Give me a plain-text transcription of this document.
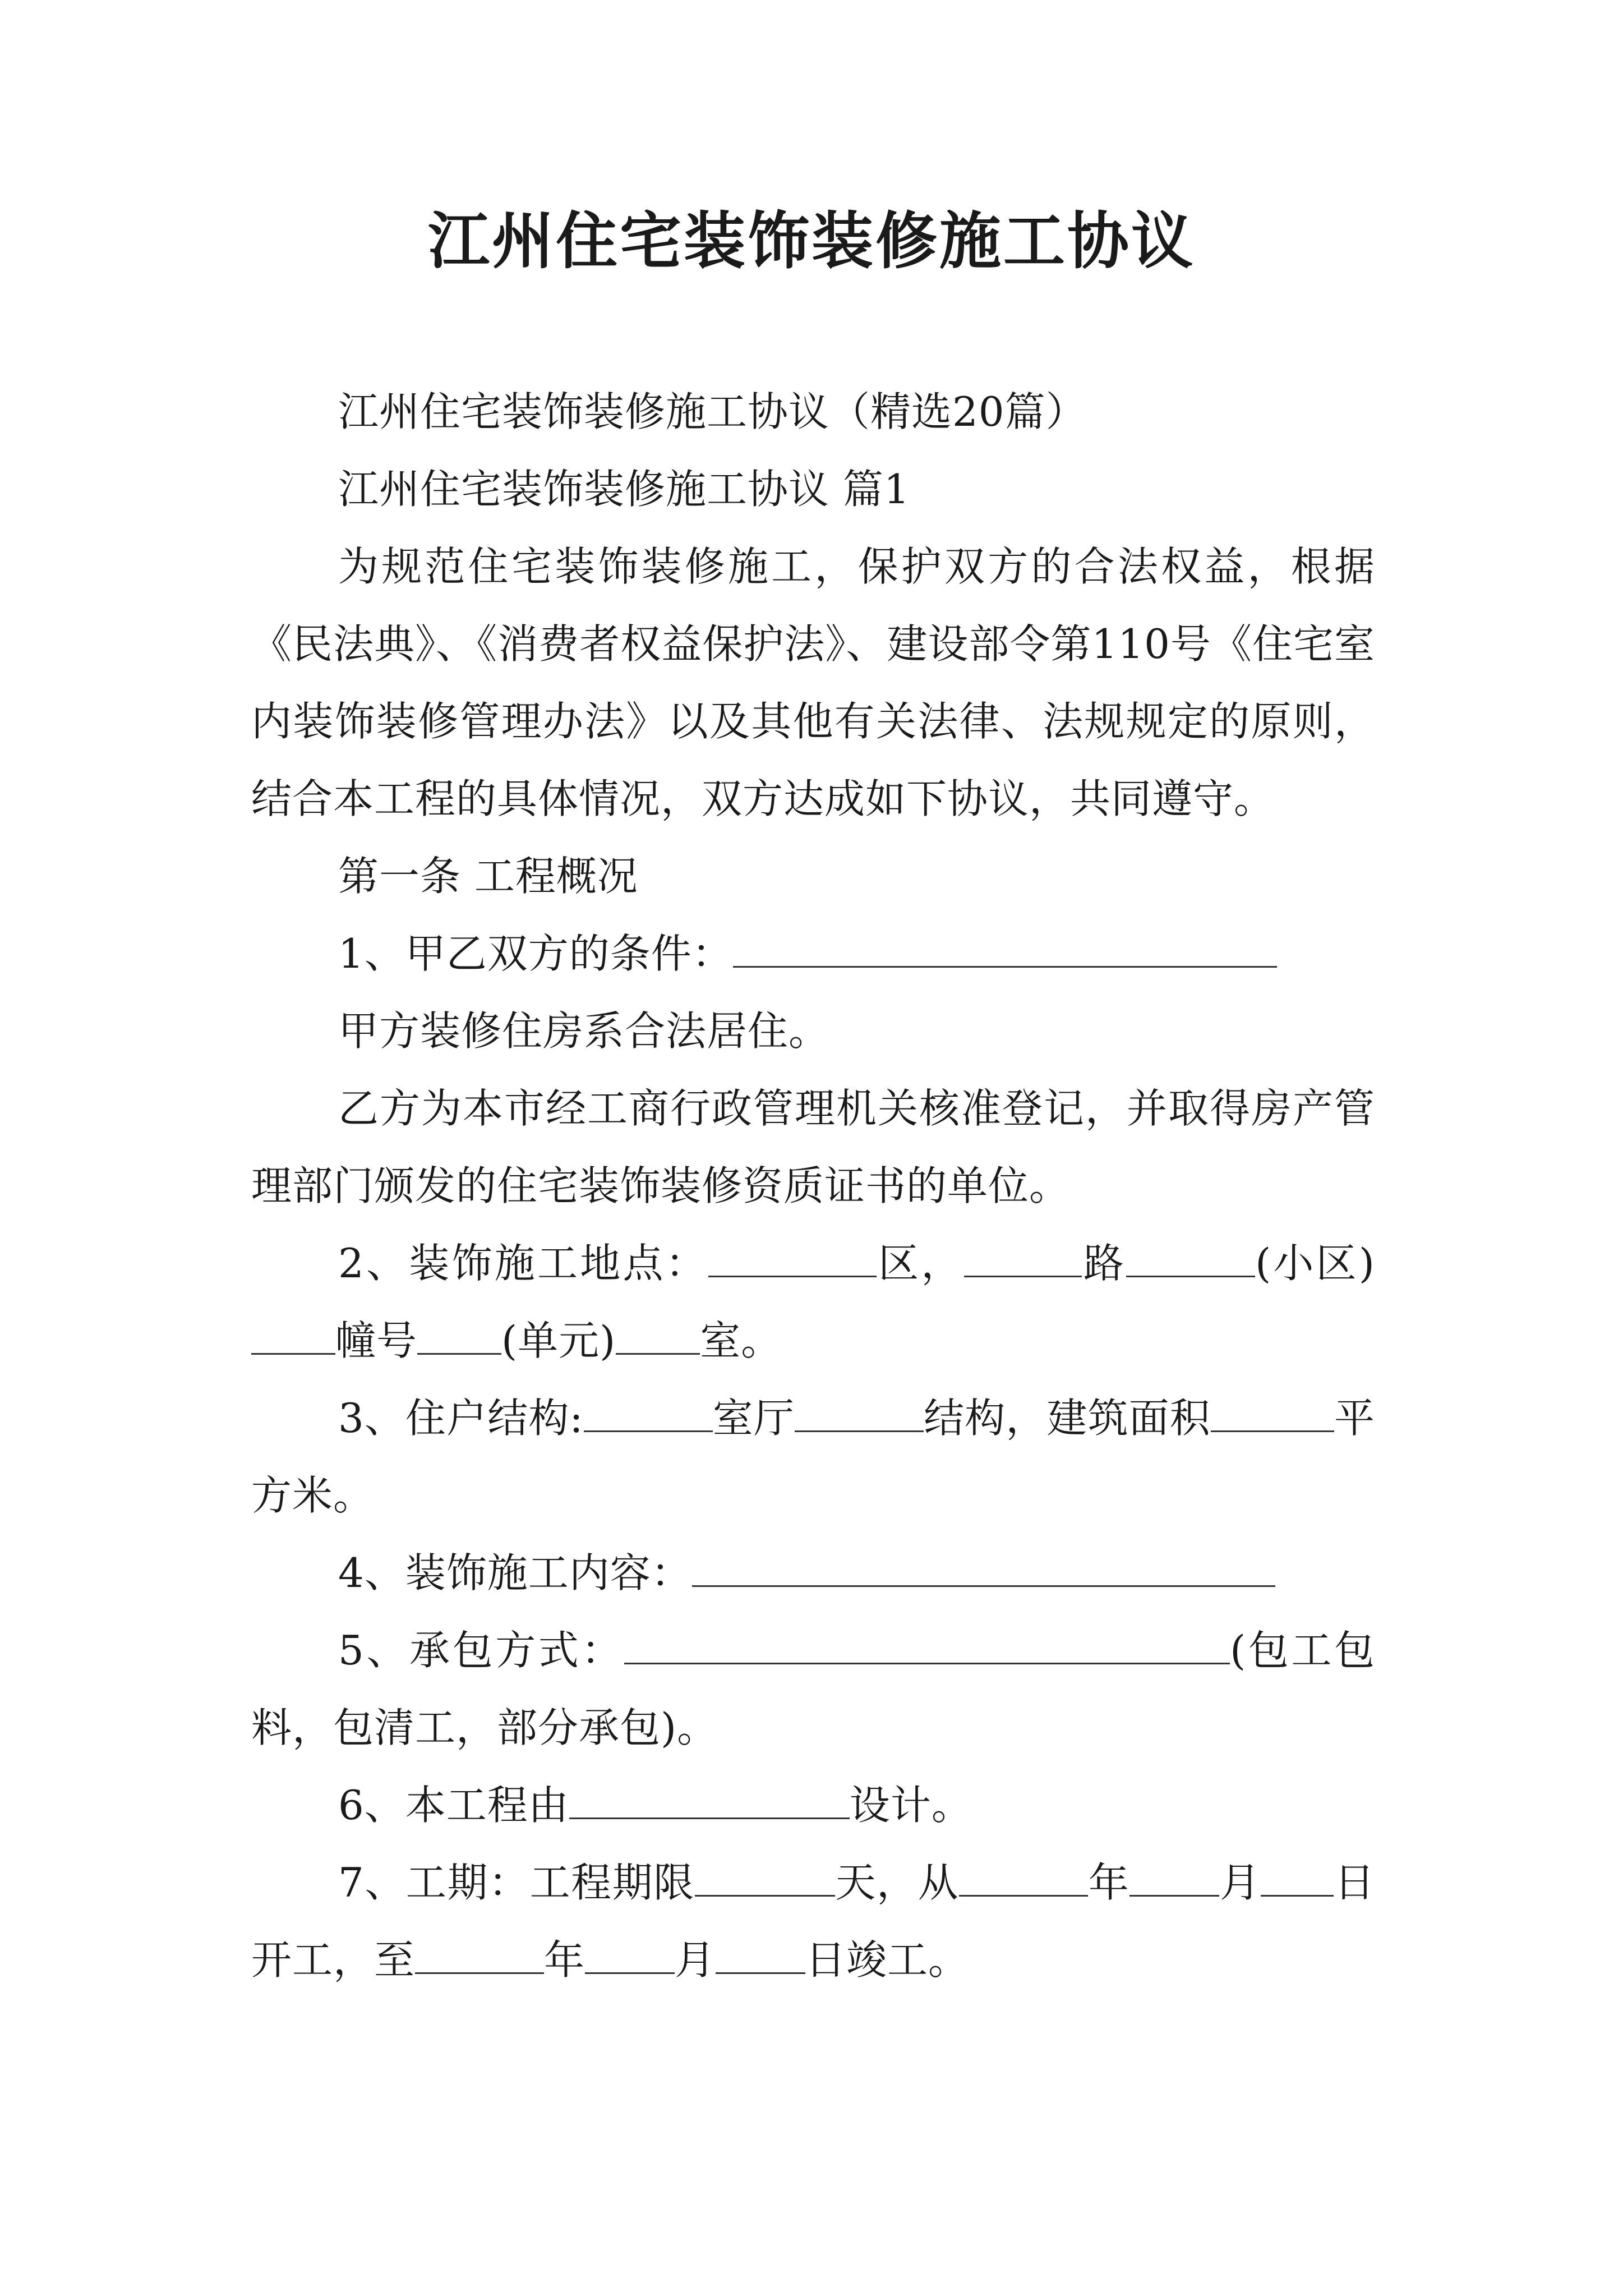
江州住宅装饰装修施工协议

江州住宅装饰装修施工协议（精选20篇）

江州住宅装饰装修施工协议 篇1

为规范住宅装饰装修施工，保护双方的合法权益，根据《民法典》、《消费者权益保护法》、建设部令第110号《住宅室内装饰装修管理办法》以及其他有关法律、法规规定的原则，结合本工程的具体情况，双方达成如下协议，共同遵守。

第一条 工程概况

1、甲乙双方的条件：

甲方装修住房系合法居住。

乙方为本市经工商行政管理机关核准登记，并取得房产管理部门颁发的住宅装饰装修资质证书的单位。

2、装饰施工地点：	区，	路	(小区)幢号 (单元) 室。

3、住户结构:	室厅	结构，建筑面积	平方米。

4、装饰施工内容：

5、承包方式：	(包工包料，包清工，部分承包)。

6、本工程由	设计。

7、工期：工程期限	天，从	年 月 日开工，至	年 月 日竣工。
